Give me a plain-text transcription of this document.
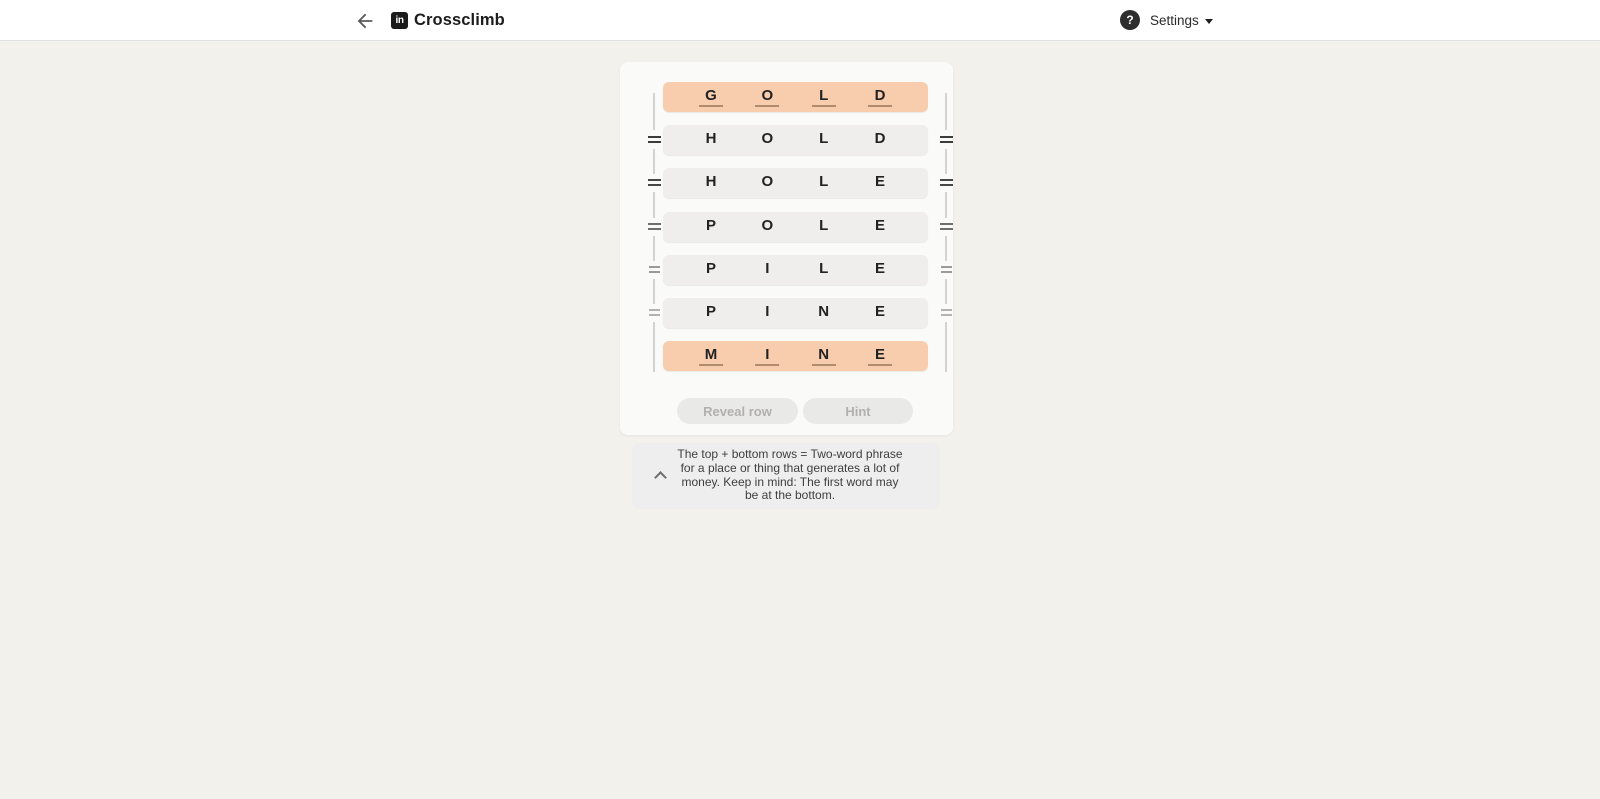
in Crossclimb	? Settings
G	O	L	D
H	O	L	D
H	O	L	E
P	O	L	E
P	I	L	E
P	I	N	E
M	I	N	E
Reveal row	Hint
The top + bottom rows = Two-word phrase
for a place or thing that generates a lot of
money. Keep in mind: The first word may
be at the bottom.
